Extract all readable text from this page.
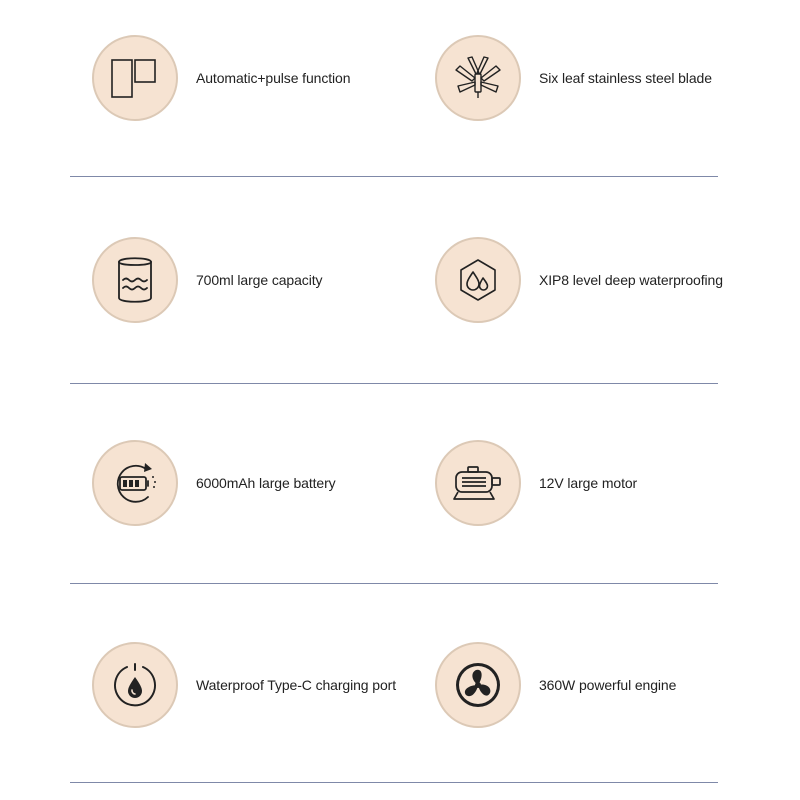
Automatic+pulse function	Six leaf stainless steel blade
700ml large capacity	XIP8 level deep waterproofing
6000mAh large battery	12V large motor
Waterproof Type-C charging port	360W powerful engine
